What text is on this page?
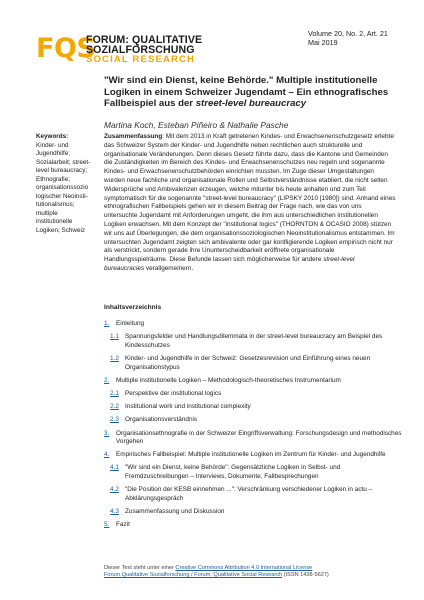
FQS
FORUM: QUALITATIVE
SOZIALFORSCHUNG
SOCIAL RESEARCH
Volume 20, No. 2, Art. 21
Mai 2019
"Wir sind ein Dienst, keine Behörde." Multiple institutionelle Logiken in einem Schweizer Jugendamt – Ein ethnografisches Fallbeispiel aus der street-level bureaucracy
Martina Koch, Esteban Piñeiro & Nathalie Pasche
Keywords:
Kinder- und Jugendhilfe; Sozialarbeit; street-level bureaucracy; Ethnografie; organisationssozio logischer Neoinsti-tutionalismus; multiple institutionelle Logiken; Schweiz
Zusammenfassung: Mit dem 2013 in Kraft getretenen Kindes- und Erwachsenenschutzgesetz erlebte das Schweizer System der Kinder- und Jugendhilfe neben rechtlichen auch strukturelle und organisationale Veränderungen. Denn dieses Gesetz führte dazu, dass die Kantone und Gemeinden die Zuständigkeiten im Bereich des Kindes- und Erwachsenenschutzes neu regeln und sogenannte Kindes- und Erwachsenenschutzbehörden einrichten mussten. Im Zuge dieser Umgestaltungen wurden neue fachliche und organisationale Rollen und Selbstverständnisse etabliert, die nicht selten Widersprüche und Ambivalenzen erzeugen, welche mitunter bis heute anhalten und zum Teil symptomatisch für die sogenannte "street-level bureaucracy" (LIPSKY 2010 [1980]) sind. Anhand eines ethnografischen Fallbeispiels gehen wir in diesem Beitrag der Frage nach, wie das von uns untersuchte Jugendamt mit Anforderungen umgeht, die ihm aus unterschiedlichen institutionellen Logiken erwachsen. Mit dem Konzept der "institutional logics" (THORNTON & OCASIO 2008) stützen wir uns auf Überlegungen, die dem organisationssoziologischen Neoinstitutionalismus entstammen. Im untersuchten Jugendamt zeigten sich ambivalente oder gar konfligierende Logiken empirisch nicht nur als verstrickt, sondern gerade ihre Ununterscheidbarkeit eröffnete organisationale Handlungsspielräume. Diese Befunde lassen sich möglicherweise für andere street-level bureaucracies verallgemeinern.
Inhaltsverzeichnis
1.	Einleitung
1.1 Spannungsfelder und Handlungsdilemmata in der street-level bureaucracy am Beispiel des Kindesschutzes
1.2 Kinder- und Jugendhilfe in der Schweiz: Gesetzesrevision und Einführung eines neuen Organisationstypus
2.	Multiple institutionelle Logiken – Methodologisch-theoretisches Instrumentarium
2.1 Perspektive der institutional logics
2.2 Institutional work und institutional complexity
2.3 Organisationsverständnis
3.	Organisationsethnografie in der Schweizer Eingriffsverwaltung: Forschungsdesign und methodisches Vorgehen
4.	Empirisches Fallbeispiel: Multiple institutionelle Logiken im Zentrum für Kinder- und Jugendhilfe
4.1 "Wir sind ein Dienst, keine Behörde": Gegensätzliche Logiken in Selbst- und Fremdzuschreibungen – Interviews, Dokumente, Fallbesprechungen
4.2 "Die Position der KESB einnehmen ...": Verschränkung verschiedener Logiken in actu – Abklärungsgespräch
4.3 Zusammenfassung und Diskussion
5.	Fazit
Dieser Text steht unter einer Creative Commons Attribution 4.0 International License
Forum Qualitative Sozialforschung / Forum: Qualitative Social Research (ISSN 1438-5627)
